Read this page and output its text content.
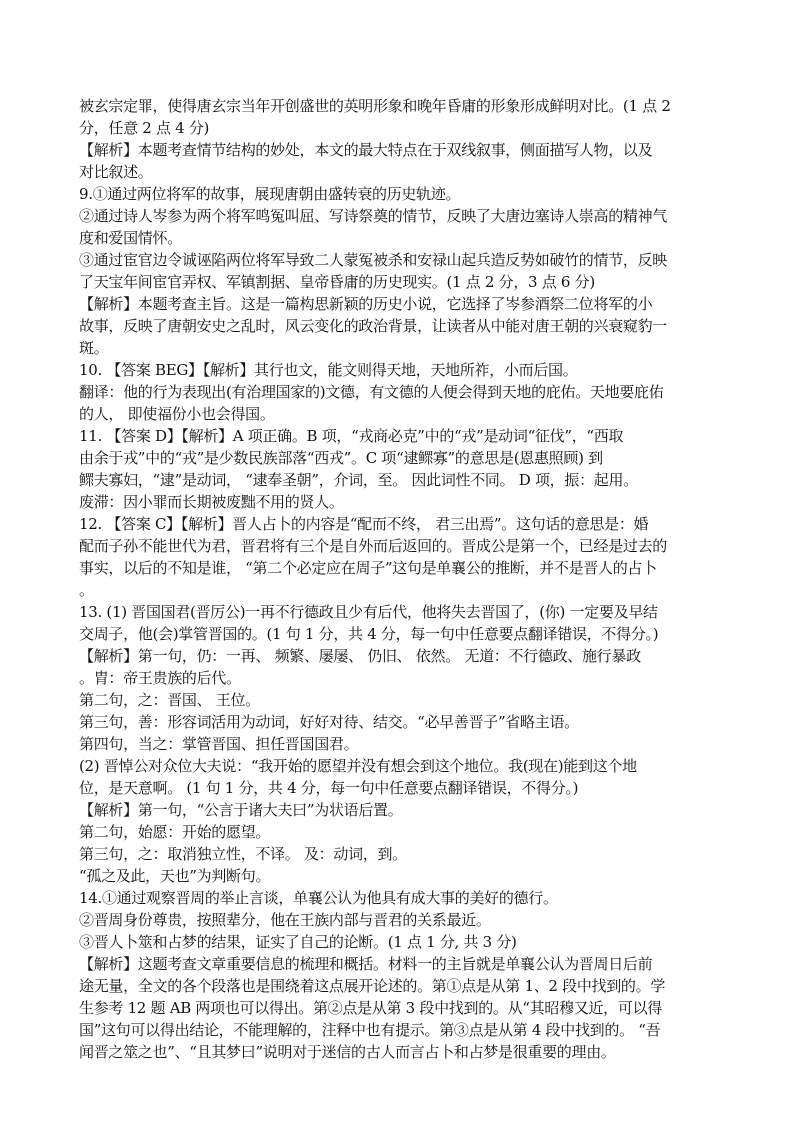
被玄宗定罪，使得唐玄宗当年开创盛世的英明形象和晚年昏庸的形象形成鲜明对比。(1 点 2
分，任意 2 点 4 分)
【解析】本题考查情节结构的妙处，本文的最大特点在于双线叙事，侧面描写人物，以及
对比叙述。
9.①通过两位将军的故事，展现唐朝由盛转衰的历史轨迹。
②通过诗人岑参为两个将军鸣冤叫屈、写诗祭奠的情节，反映了大唐边塞诗人崇高的精神气
度和爱国情怀。
③通过宦官边令诚诬陷两位将军导致二人蒙冤被杀和安禄山起兵造反势如破竹的情节，反映
了天宝年间宦官弄权、军镇割据、皇帝昏庸的历史现实。(1 点 2 分，3 点 6 分)
【解析】本题考查主旨。这是一篇构思新颖的历史小说，它选择了岑参酒祭二位将军的小
故事，反映了唐朝安史之乱时，风云变化的政治背景，让读者从中能对唐王朝的兴衰窥豹一
斑。
10. 【答案 BEG】【解析】其行也文，能文则得天地，天地所祚，小而后国。
翻译：他的行为表现出(有治理国家的)文德，有文德的人便会得到天地的庇佑。天地要庇佑
的人， 即使福份小也会得国。
11. 【答案 D】【解析】A 项正确。B 项，“戎商必克”中的“戎”是动词“征伐”，“西取
由余于戎”中的“戎”是少数民族部落“西戎”。C 项“逮鳏寡”的意思是(恩惠照顾) 到
鳏夫寡妇，“逮”是动词， “逮奉圣朝”，介词，至。 因此词性不同。 D 项，振：起用。
废滞：因小罪而长期被废黜不用的贤人。
12. 【答案 C】【解析】晋人占卜的内容是“配而不终， 君三出焉”。这句话的意思是：婚
配而子孙不能世代为君，晋君将有三个是自外而后返回的。晋成公是第一个，已经是过去的
事实，以后的不知是谁， “第二个必定应在周子”这句是单襄公的推断，并不是晋人的占卜
。
13. (1) 晋国国君(晋厉公)一再不行德政且少有后代，他将失去晋国了，(你) 一定要及早结
交周子，他(会)掌管晋国的。(1 句 1 分，共 4 分，每一句中任意要点翻译错误，不得分。)
【解析】第一句，仍：一再、 频繁、屡屡、 仍旧、 依然。 无道：不行德政、施行暴政
。胄：帝王贵族的后代。
第二句，之：晋国、 王位。
第三句，善：形容词活用为动词，好好对待、结交。“必早善晋子”省略主语。
第四句，当之：掌管晋国、担任晋国国君。
(2) 晋悼公对众位大夫说：“我开始的愿望并没有想会到这个地位。我(现在)能到这个地
位，是天意啊。 (1 句 1 分，共 4 分，每一句中任意要点翻译错误，不得分。)
【解析】第一句，“公言于诸大夫曰”为状语后置。
第二句，始愿：开始的愿望。
第三句，之：取消独立性，不译。 及：动词，到。
“孤之及此，天也”为判断句。
14.①通过观察晋周的举止言谈，单襄公认为他具有成大事的美好的德行。
②晋周身份尊贵，按照辈分，他在王族内部与晋君的关系最近。
③晋人卜筮和占梦的结果，证实了自己的论断。(1 点 1 分, 共 3 分)
【解析】这题考查文章重要信息的梳理和概括。材料一的主旨就是单襄公认为晋周日后前
途无量，全文的各个段落也是围绕着这点展开论述的。第①点是从第 1、2 段中找到的。学
生参考 12 题 AB 两项也可以得出。第②点是从第 3 段中找到的。从“其昭穆又近，可以得
国”这句可以得出结论，不能理解的，注释中也有提示。第③点是从第 4 段中找到的。 “吾
闻晋之筮之也”、“且其梦曰”说明对于迷信的古人而言占卜和占梦是很重要的理由。
